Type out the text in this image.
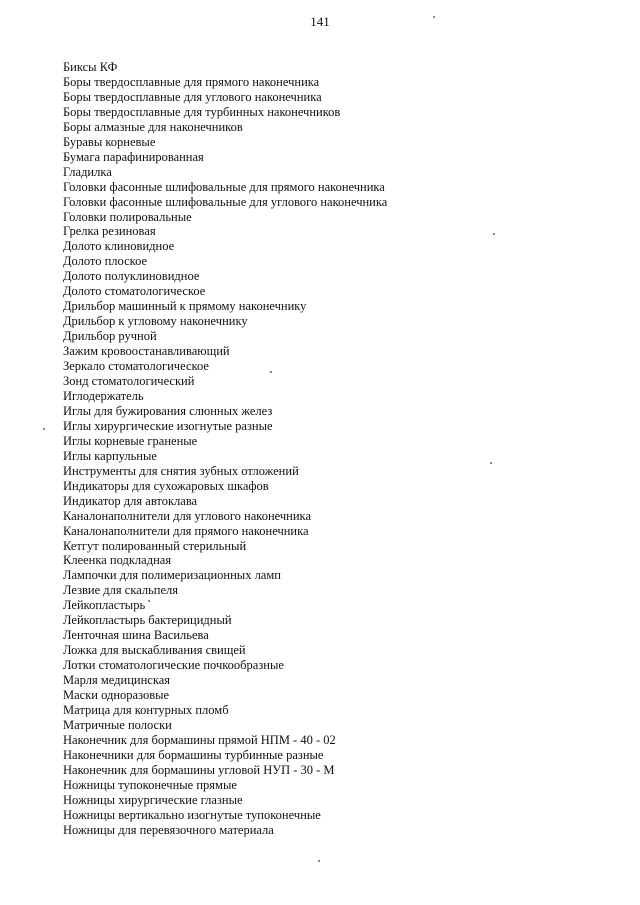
141
Биксы КФ
Боры твердосплавные для прямого наконечника
Боры твердосплавные для углового наконечника
Боры твердосплавные для турбинных наконечников
Боры алмазные для наконечников
Буравы корневые
Бумага парафинированная
Гладилка
Головки фасонные шлифовальные для прямого наконечника
Головки фасонные шлифовальные для углового наконечника
Головки полировальные
Грелка резиновая
Долото клиновидное
Долото плоское
Долото полуклиновидное
Долото стоматологическое
Дрильбор машинный к прямому наконечнику
Дрильбор к угловому наконечнику
Дрильбор ручной
Зажим кровоостанавливающий
Зеркало стоматологическое
Зонд стоматологический
Иглодержатель
Иглы для бужирования слюнных желез
Иглы хирургические изогнутые разные
Иглы корневые граненые
Иглы карпульные
Инструменты для снятия зубных отложений
Индикаторы для сухожаровых шкафов
Индикатор для автоклава
Каналонаполнители для углового наконечника
Каналонаполнители для прямого наконечника
Кетгут полированный стерильный
Клеенка подкладная
Лампочки для полимеризационных ламп
Лезвие для скальпеля
Лейкопластырь
Лейкопластырь бактерицидный
Ленточная шина Васильева
Ложка для выскабливания свищей
Лотки стоматологические почкообразные
Марля медицинская
Маски одноразовые
Матрица для контурных пломб
Матричные полоски
Наконечник для бормашины прямой НПМ - 40 - 02
Наконечники для бормашины турбинные разные
Наконечник для бормашины угловой НУП - 30 - М
Ножницы тупоконечные прямые
Ножницы хирургические глазные
Ножницы вертикально изогнутые тупоконечные
Ножницы для перевязочного материала
